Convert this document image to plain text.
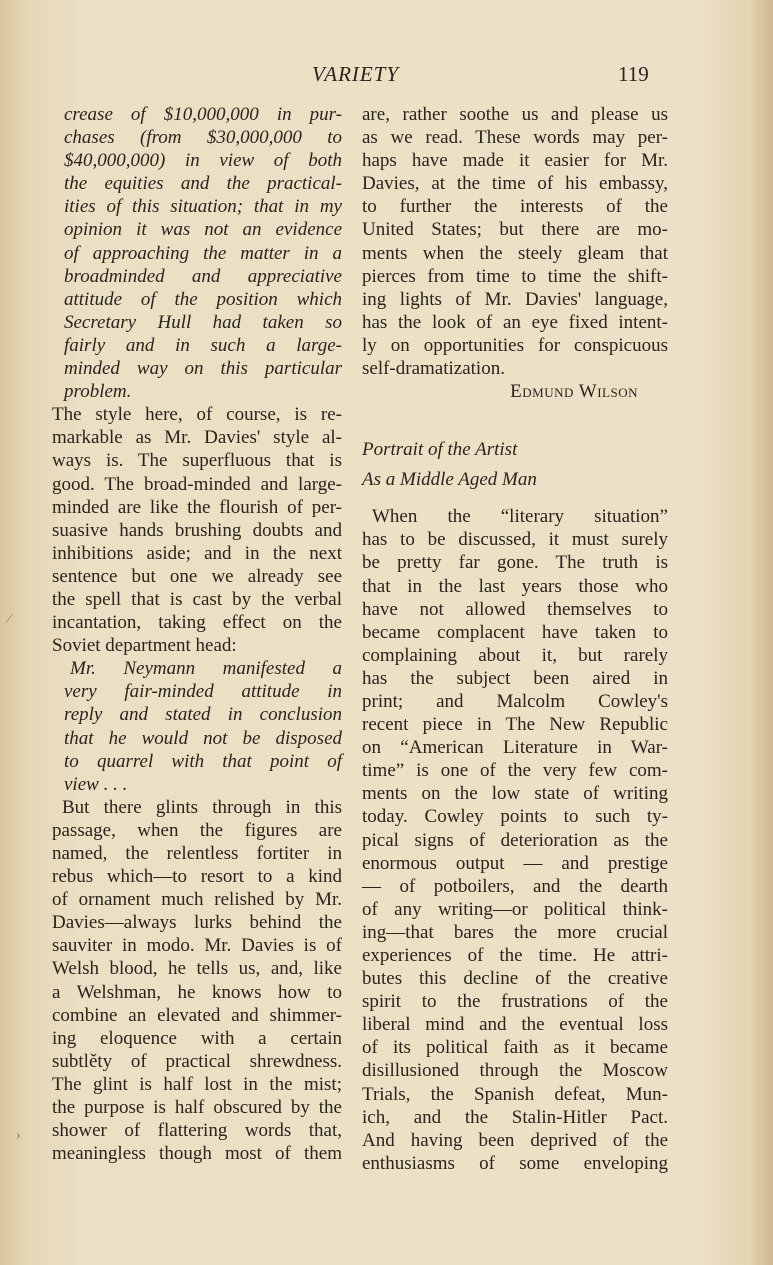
VARIETY	119
crease of $10,000,000 in pur-
chases (from $30,000,000 to
$40,000,000) in view of both
the equities and the practical-
ities of this situation; that in my
opinion it was not an evidence
of approaching the matter in a
broadminded and appreciative
attitude of the position which
Secretary Hull had taken so
fairly and in such a large-
minded way on this particular
problem.
The style here, of course, is re-
markable as Mr. Davies' style al-
ways is. The superfluous that is
good. The broad-minded and large-
minded are like the flourish of per-
suasive hands brushing doubts and
inhibitions aside; and in the next
sentence but one we already see
the spell that is cast by the verbal
incantation, taking effect on the
Soviet department head:
Mr. Neymann manifested a
very fair-minded attitude in
reply and stated in conclusion
that he would not be disposed
to quarrel with that point of
view . . .
But there glints through in this
passage, when the figures are
named, the relentless fortiter in
rebus which—to resort to a kind
of ornament much relished by Mr.
Davies—always lurks behind the
sauviter in modo. Mr. Davies is of
Welsh blood, he tells us, and, like
a Welshman, he knows how to
combine an elevated and shimmer-
ing eloquence with a certain
subtlěty of practical shrewdness.
The glint is half lost in the mist;
the purpose is half obscured by the
shower of flattering words that,
meaningless though most of them
are, rather soothe us and please us
as we read. These words may per-
haps have made it easier for Mr.
Davies, at the time of his embassy,
to further the interests of the
United States; but there are mo-
ments when the steely gleam that
pierces from time to time the shift-
ing lights of Mr. Davies' language,
has the look of an eye fixed intent-
ly on opportunities for conspicuous
self-dramatization.
Edmund Wilson
Portrait of the Artist
As a Middle Aged Man
When the “literary situation”
has to be discussed, it must surely
be pretty far gone. The truth is
that in the last years those who
have not allowed themselves to
became complacent have taken to
complaining about it, but rarely
has the subject been aired in
print; and Malcolm Cowley's
recent piece in The New Republic
on “American Literature in War-
time” is one of the very few com-
ments on the low state of writing
today. Cowley points to such ty-
pical signs of deterioration as the
enormous output — and prestige
— of potboilers, and the dearth
of any writing—or political think-
ing—that bares the more crucial
experiences of the time. He attri-
butes this decline of the creative
spirit to the frustrations of the
liberal mind and the eventual loss
of its political faith as it became
disillusioned through the Moscow
Trials, the Spanish defeat, Mun-
ich, and the Stalin-Hitler Pact.
And having been deprived of the
enthusiasms of some enveloping
⁄
›
